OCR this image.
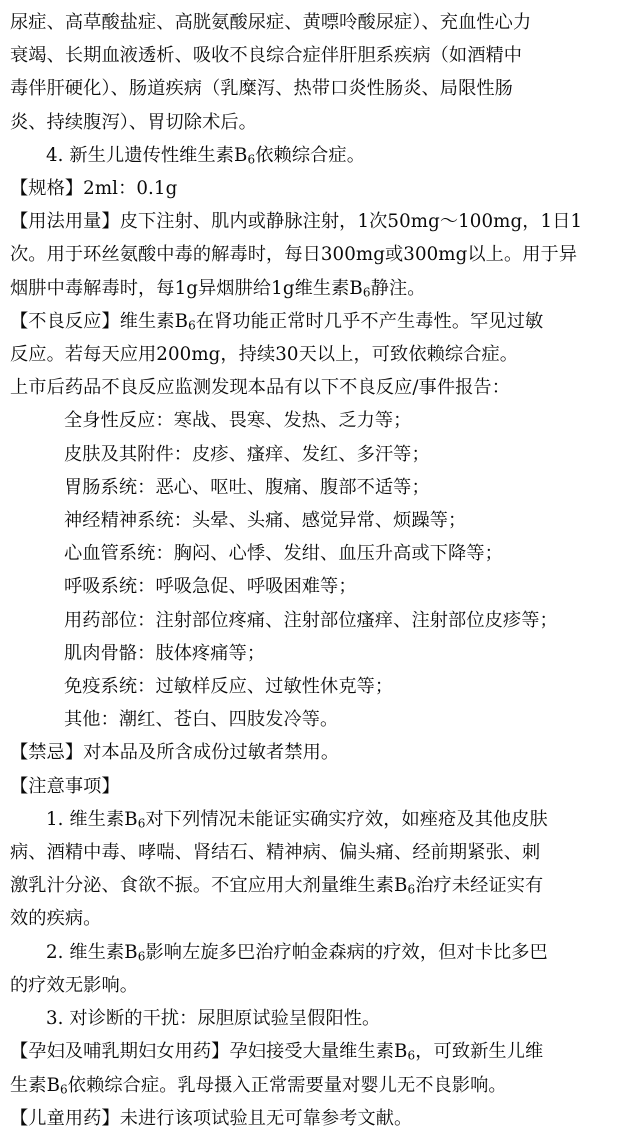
尿症、高草酸盐症、高胱氨酸尿症、黄嘌呤酸尿症）、充血性心力
衰竭、长期血液透析、吸收不良综合症伴肝胆系疾病（如酒精中
毒伴肝硬化）、肠道疾病（乳糜泻、热带口炎性肠炎、局限性肠
炎、持续腹泻）、胃切除术后。
4. 新生儿遗传性维生素$B_6$依赖综合症。
【规格】2ml：0.1g
【用法用量】皮下注射、肌内或静脉注射，1次50mg～100mg，1日1
次。用于环丝氨酸中毒的解毒时，每日300mg或300mg以上。用于异
烟肼中毒解毒时，每1g异烟肼给1g维生素$B_6$静注。
【不良反应】维生素$B_6$在肾功能正常时几乎不产生毒性。罕见过敏
反应。若每天应用200mg，持续30天以上，可致依赖综合症。
上市后药品不良反应监测发现本品有以下不良反应/事件报告：
全身性反应：寒战、畏寒、发热、乏力等；
皮肤及其附件：皮疹、瘙痒、发红、多汗等；
胃肠系统：恶心、呕吐、腹痛、腹部不适等；
神经精神系统：头晕、头痛、感觉异常、烦躁等；
心血管系统：胸闷、心悸、发绀、血压升高或下降等；
呼吸系统：呼吸急促、呼吸困难等；
用药部位：注射部位疼痛、注射部位瘙痒、注射部位皮疹等；
肌肉骨骼：肢体疼痛等；
免疫系统：过敏样反应、过敏性休克等；
其他：潮红、苍白、四肢发冷等。
【禁忌】对本品及所含成份过敏者禁用。
【注意事项】
1. 维生素$B_6$对下列情况未能证实确实疗效，如痤疮及其他皮肤
病、酒精中毒、哮喘、肾结石、精神病、偏头痛、经前期紧张、刺
激乳汁分泌、食欲不振。不宜应用大剂量维生素$B_6$治疗未经证实有
效的疾病。
2. 维生素$B_6$影响左旋多巴治疗帕金森病的疗效，但对卡比多巴
的疗效无影响。
3. 对诊断的干扰：尿胆原试验呈假阳性。
【孕妇及哺乳期妇女用药】孕妇接受大量维生素$B_6$，可致新生儿维
生素$B_6$依赖综合症。乳母摄入正常需要量对婴儿无不良影响。
【儿童用药】未进行该项试验且无可靠参考文献。
